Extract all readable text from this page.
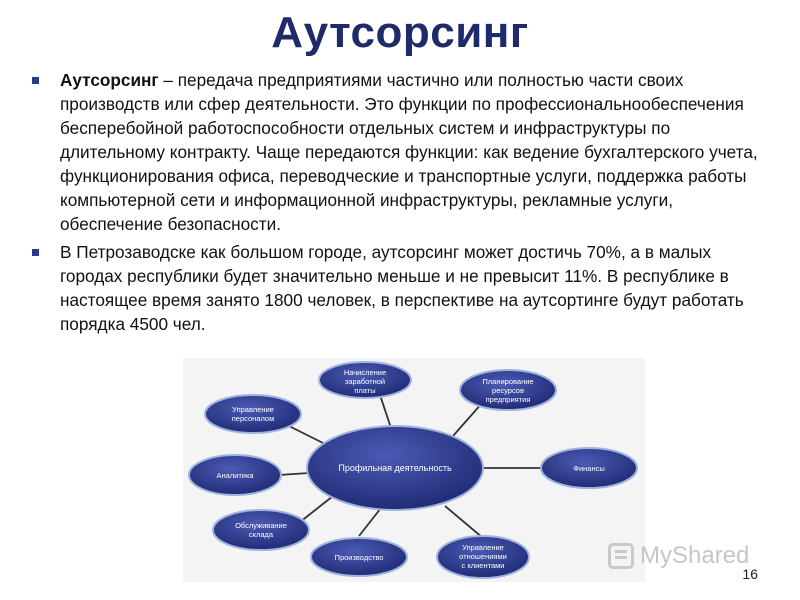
Аутсорсинг
Аутсорсинг – передача предприятиями частично или полностью части своих производств или сфер деятельности. Это функции по профессиональнообеспечения бесперебойной работоспособности отдельных систем и инфраструктуры по длительному контракту. Чаще передаются функции: как ведение бухгалтерского учета, функционирования офиса, переводческие и транспортные услуги, поддержка работы компьютерной сети и информационной инфраструктуры, рекламные услуги, обеспечение безопасности.
В Петрозаводске как большом городе, аутсорсинг может достичь 70%, а в малых городах республики будет значительно меньше и не превысит 11%. В республике в настоящее время занято 1800 человек, в перспективе на аутсортинге будут работать порядка 4500 чел.
Профильная деятельность
Начисление
заработной
платы
Планирование
ресурсов
предприятия
Управление
персоналом
Финансы
Аналитика
Обслуживание
склада
Производство
Управление
отношениями
с клиентами	MyShared
16
